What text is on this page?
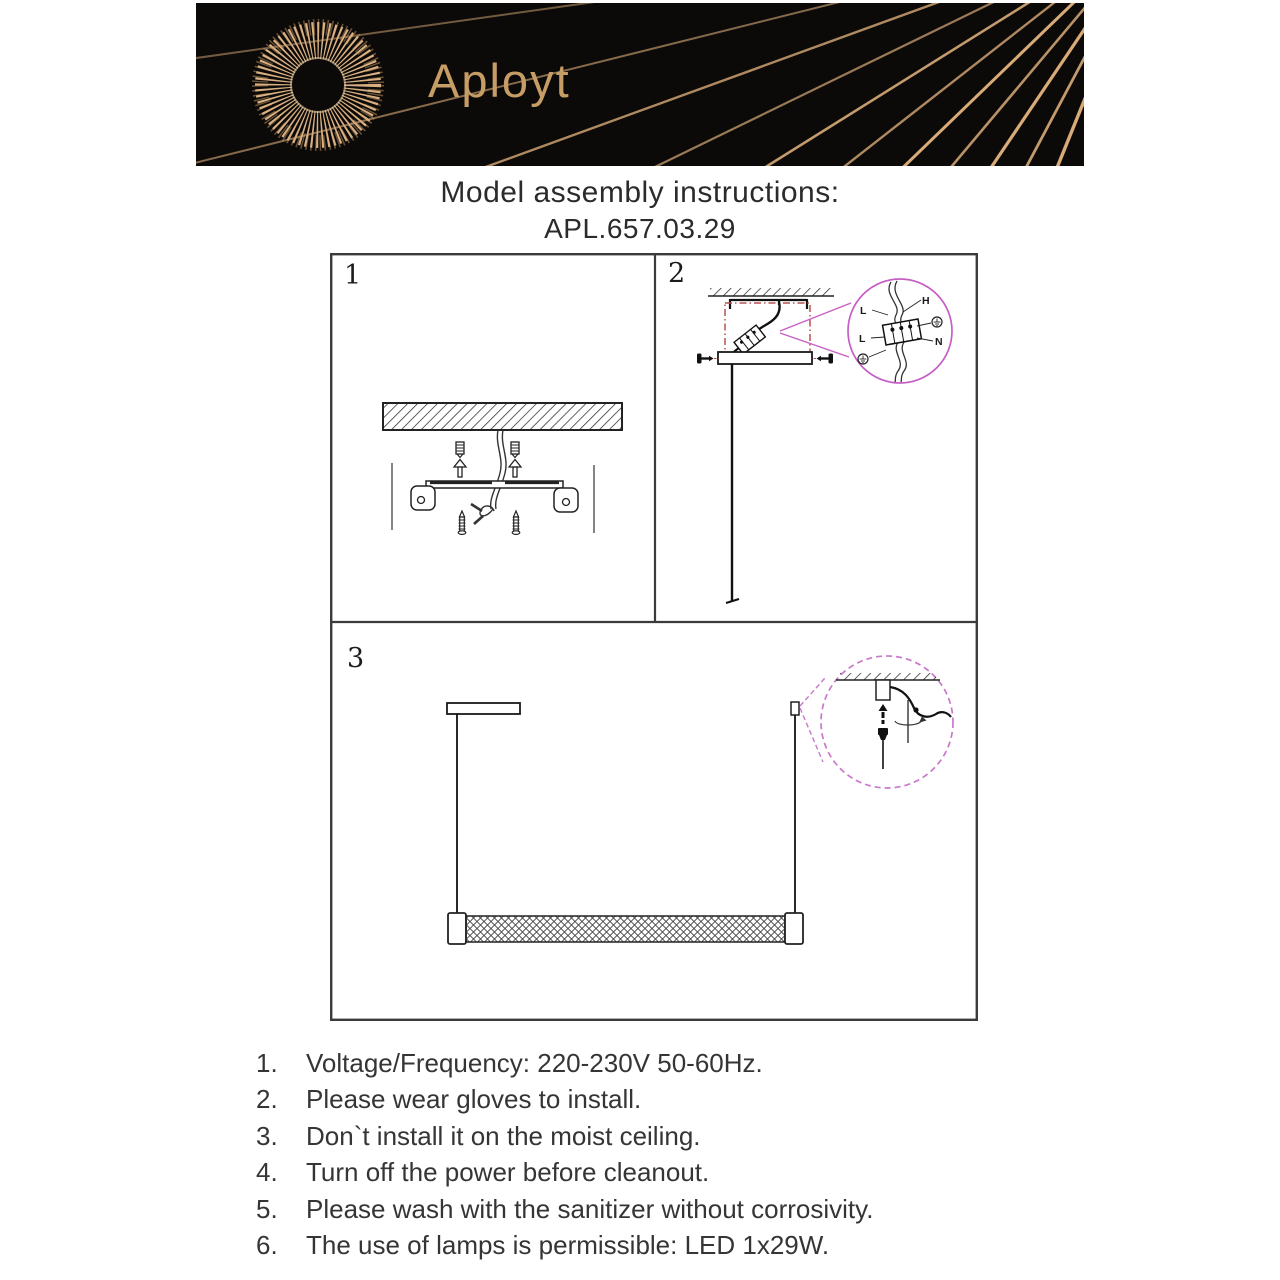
Aployt
Model assembly instructions:
APL.657.03.29
L
H
L	N
1	2
3
1.	Voltage/Frequency: 220-230V 50-60Hz.
2.	Please wear gloves to install.
3.	Don`t install it on the moist ceiling.
4.	Turn off the power before cleanout.
5.	Please wash with the sanitizer without corrosivity.
6.	The use of lamps is permissible: LED 1x29W.
